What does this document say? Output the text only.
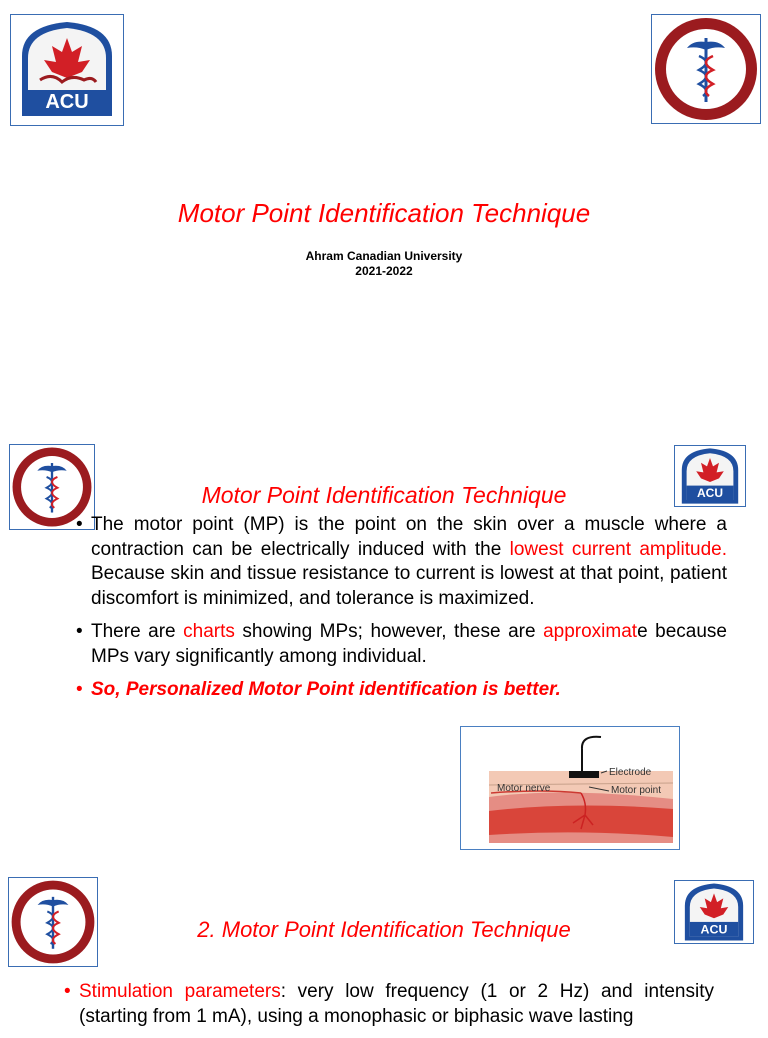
ACU
Motor Point Identification Technique
Ahram Canadian University
2021-2022
ACU
Motor Point Identification Technique
• The motor point (MP) is the point on the skin over a muscle where a contraction can be electrically induced with the lowest current amplitude. Because skin and tissue resistance to current is lowest at that point, patient discomfort is minimized, and tolerance is maximized.
• There are charts showing MPs; however, these are approximate because MPs vary significantly among individual.
• So, Personalized Motor Point identification is better.
Electrode
Motor nerve	Motor point
ACU
2. Motor Point Identification Technique
• Stimulation parameters: very low frequency (1 or 2 Hz) and intensity (starting from 1 mA), using a monophasic or biphasic wave lasting
